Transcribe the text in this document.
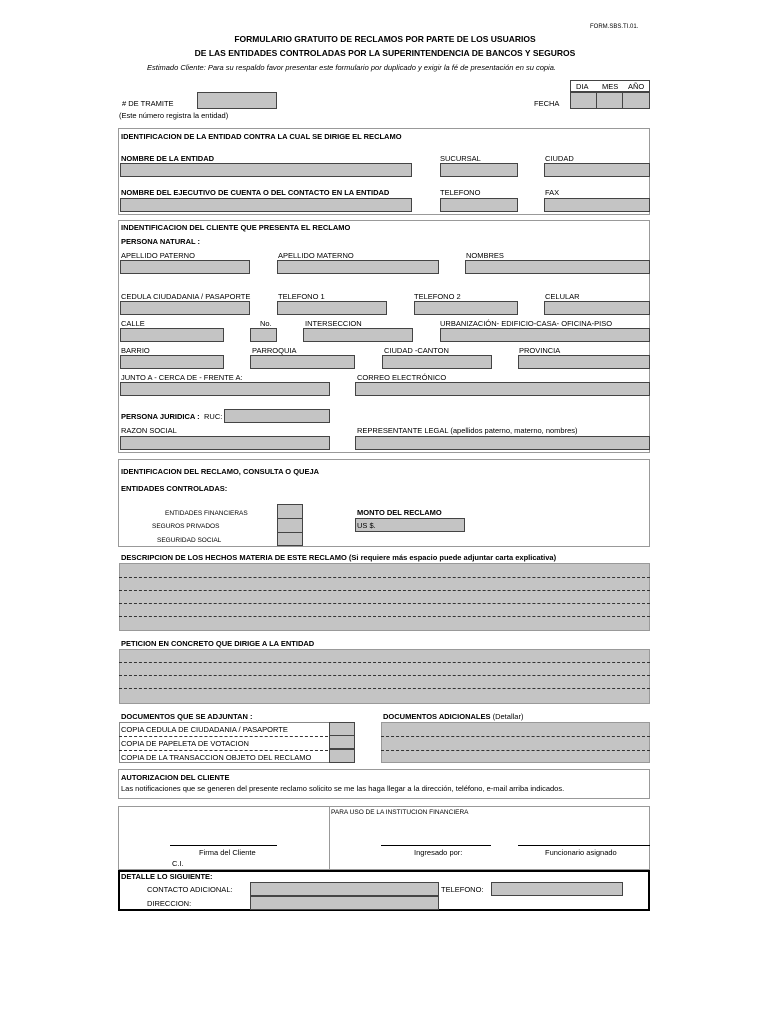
FORM.SBS.TI.01.
FORMULARIO GRATUITO DE RECLAMOS POR PARTE DE LOS USUARIOS
DE LAS ENTIDADES CONTROLADAS POR LA SUPERINTENDENCIA DE BANCOS Y SEGUROS
Estimado Cliente: Para su respaldo favor presentar este formulario por duplicado y exigir la fé de presentación en su copia.
# DE TRAMITE
(Este número registra la entidad)
FECHA
DIA MES AÑO
IDENTIFICACION DE LA ENTIDAD CONTRA LA CUAL SE DIRIGE EL RECLAMO
NOMBRE DE LA ENTIDAD	SUCURSAL	CIUDAD
NOMBRE DEL EJECUTIVO DE CUENTA O DEL CONTACTO EN LA ENTIDAD	TELEFONO	FAX
INDENTIFICACION DEL CLIENTE QUE PRESENTA EL RECLAMO
PERSONA NATURAL :
APELLIDO PATERNO	APELLIDO MATERNO	NOMBRES
CEDULA CIUDADANIA / PASAPORTE	TELEFONO 1	TELEFONO 2	CELULAR
CALLE	No.	INTERSECCION	URBANIZACIÓN- EDIFICIO-CASA- OFICINA-PISO
BARRIO	PARROQUIA	CIUDAD -CANTON	PROVINCIA
JUNTO A - CERCA DE - FRENTE A:	CORREO ELECTRÓNICO
PERSONA JURIDICA : RUC:
RAZON SOCIAL	REPRESENTANTE LEGAL (apellidos paterno, materno, nombres)
IDENTIFICACION DEL RECLAMO, CONSULTA O QUEJA
ENTIDADES CONTROLADAS:
ENTIDADES FINANCIERAS
SEGUROS PRIVADOS
SEGURIDAD SOCIAL
MONTO DEL RECLAMO
US $.
DESCRIPCION DE LOS HECHOS MATERIA DE ESTE RECLAMO (Si requiere más espacio puede adjuntar carta explicativa)
PETICION EN CONCRETO QUE DIRIGE A LA ENTIDAD
DOCUMENTOS QUE SE ADJUNTAN :
COPIA CEDULA DE CIUDADANIA / PASAPORTE
COPIA DE PAPELETA DE VOTACION
COPIA DE LA TRANSACCION OBJETO DEL RECLAMO
DOCUMENTOS ADICIONALES (Detallar)
AUTORIZACION DEL CLIENTE
Las notificaciones que se generen del presente reclamo solicito se me las haga llegar a la dirección, teléfono, e-mail arriba indicados.
PARA USO DE LA INSTITUCION FINANCIERA
Firma del Cliente
C.I.
Ingresado por:	Funcionario asignado
DETALLE LO SIGUIENTE:
CONTACTO ADICIONAL:	TELEFONO:
DIRECCION:
